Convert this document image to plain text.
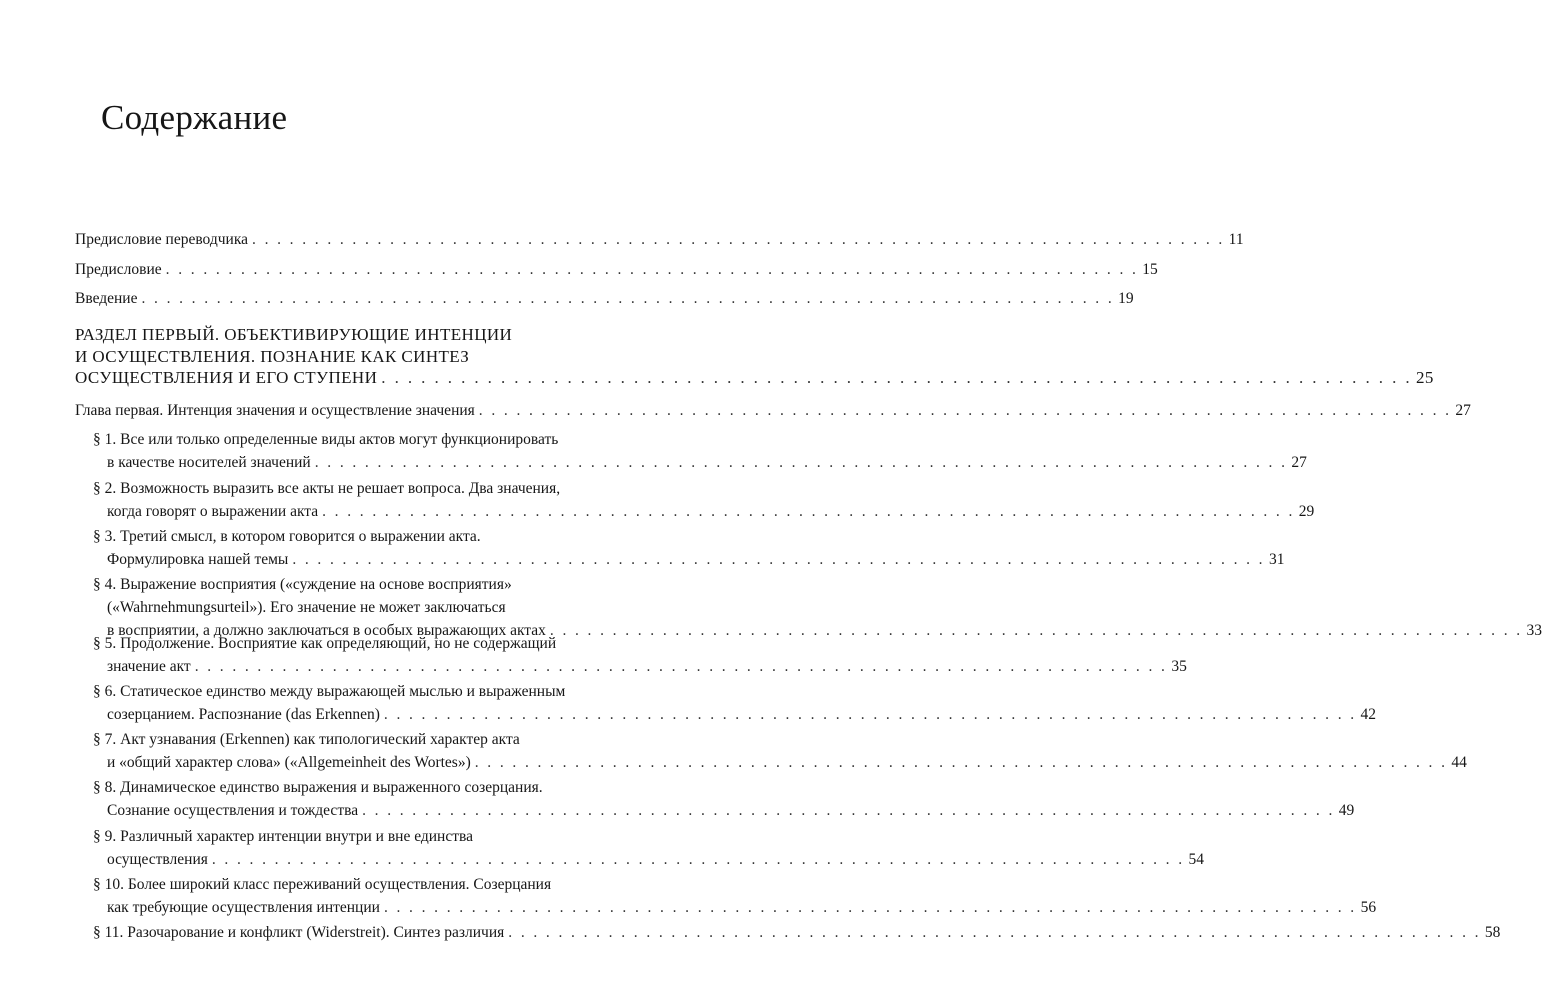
Содержание
Предисловие переводчика . . . . . . . . . . . . . . . . . . . . . . . . . . . . . . . . . . . . . . . . . . . . . . . . . . . . . . . . . . . . . . . . . . . . . . . . . . . . . . 11
Предисловие . . . . . . . . . . . . . . . . . . . . . . . . . . . . . . . . . . . . . . . . . . . . . . . . . . . . . . . . . . . . . . . . . . . . . . . . . . . . . . 15
Введение . . . . . . . . . . . . . . . . . . . . . . . . . . . . . . . . . . . . . . . . . . . . . . . . . . . . . . . . . . . . . . . . . . . . . . . . . . . . . . 19
РАЗДЕЛ ПЕРВЫЙ. ОБЪЕКТИВИРУЮЩИЕ ИНТЕНЦИИ
И ОСУЩЕСТВЛЕНИЯ. ПОЗНАНИЕ КАК СИНТЕЗ
ОСУЩЕСТВЛЕНИЯ И ЕГО СТУПЕНИ . . . . . . . . . . . . . . . . . . . . . . . . . . . . . . . . . . . . . . . . . . . . . . . . . . . . . . . . . . . . . . . . . . . . . . . . . . . . . . 25
Глава первая. Интенция значения и осуществление значения . . . . . . . . . . . . . . . . . . . . . . . . . . . . . . . . . . . . . . . . . . . . . . . . . . . . . . . . . . . . . . . . . . . . . . . . . . . . . . 27
§ 1. Все или только определенные виды актов могут функционировать
в качестве носителей значений . . . . . . . . . . . . . . . . . . . . . . . . . . . . . . . . . . . . . . . . . . . . . . . . . . . . . . . . . . . . . . . . . . . . . . . . . . . . . . 27
§ 2. Возможность выразить все акты не решает вопроса. Два значения,
когда говорят о выражении акта . . . . . . . . . . . . . . . . . . . . . . . . . . . . . . . . . . . . . . . . . . . . . . . . . . . . . . . . . . . . . . . . . . . . . . . . . . . . . . 29
§ 3. Третий смысл, в котором говорится о выражении акта.
Формулировка нашей темы . . . . . . . . . . . . . . . . . . . . . . . . . . . . . . . . . . . . . . . . . . . . . . . . . . . . . . . . . . . . . . . . . . . . . . . . . . . . . . 31
§ 4. Выражение восприятия («суждение на основе восприятия»
(«Wahrnehmungsurteil»). Его значение не может заключаться
в восприятии, а должно заключаться в особых выражающих актах . . . . . . . . . . . . . . . . . . . . . . . . . . . . . . . . . . . . . . . . . . . . . . . . . . . . . . . . . . . . . . . . . . . . . . . . . . . . . . 33
§ 5. Продолжение. Восприятие как определяющий, но не содержащий
значение акт . . . . . . . . . . . . . . . . . . . . . . . . . . . . . . . . . . . . . . . . . . . . . . . . . . . . . . . . . . . . . . . . . . . . . . . . . . . . . . 35
§ 6. Статическое единство между выражающей мыслью и выраженным
созерцанием. Распознание (das Erkennen) . . . . . . . . . . . . . . . . . . . . . . . . . . . . . . . . . . . . . . . . . . . . . . . . . . . . . . . . . . . . . . . . . . . . . . . . . . . . . . 42
§ 7. Акт узнавания (Erkennen) как типологический характер акта
и «общий характер слова» («Allgemeinheit des Wortes») . . . . . . . . . . . . . . . . . . . . . . . . . . . . . . . . . . . . . . . . . . . . . . . . . . . . . . . . . . . . . . . . . . . . . . . . . . . . . . 44
§ 8. Динамическое единство выражения и выраженного созерцания.
Сознание осуществления и тождества . . . . . . . . . . . . . . . . . . . . . . . . . . . . . . . . . . . . . . . . . . . . . . . . . . . . . . . . . . . . . . . . . . . . . . . . . . . . . . 49
§ 9. Различный характер интенции внутри и вне единства
осуществления . . . . . . . . . . . . . . . . . . . . . . . . . . . . . . . . . . . . . . . . . . . . . . . . . . . . . . . . . . . . . . . . . . . . . . . . . . . . . . 54
§ 10. Более широкий класс переживаний осуществления. Созерцания
как требующие осуществления интенции . . . . . . . . . . . . . . . . . . . . . . . . . . . . . . . . . . . . . . . . . . . . . . . . . . . . . . . . . . . . . . . . . . . . . . . . . . . . . . 56
§ 11. Разочарование и конфликт (Widerstreit). Синтез различия . . . . . . . . . . . . . . . . . . . . . . . . . . . . . . . . . . . . . . . . . . . . . . . . . . . . . . . . . . . . . . . . . . . . . . . . . . . . . . 58
